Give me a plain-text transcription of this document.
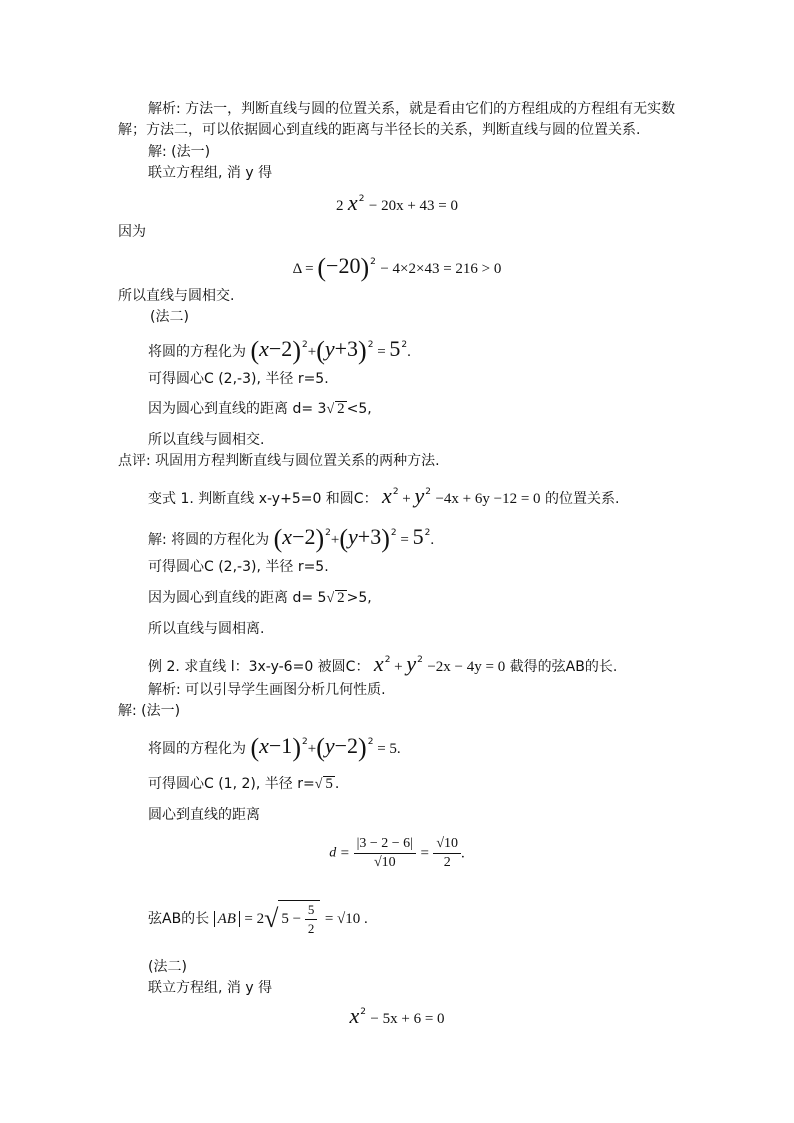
解析: 方法一，判断直线与圆的位置关系，就是看由它们的方程组成的方程组有无实数
解；方法二，可以依据圆心到直线的距离与半径长的关系，判断直线与圆的位置关系.
解: (法一)
联立方程组, 消 y 得
2 $x^2 - 20x + 43 = 0$
因为
$\Delta = (-20)^2 - 4\times 2\times 43 = 216 > 0$
所以直线与圆相交.
(法二)
将圆的方程化为 $(x-2)^2+(y+3)^2 = 5^2$.
可得圆心C (2,-3), 半径 r=5.
因为圆心到直线的距离 d= 3√ 2 <5,
所以直线与圆相交.
点评: 巩固用方程判断直线与圆位置关系的两种方法.
变式 1. 判断直线 x-y+5=0 和圆C： $x^2 + y^2 -4x + 6y -12 = 0$ 的位置关系.
解: 将圆的方程化为 $(x-2)^2+(y+3)^2 = 5^2$.
可得圆心C (2,-3), 半径 r=5.
因为圆心到直线的距离 d= 5√ 2 >5,
所以直线与圆相离.
例 2. 求直线 l：3x-y-6=0 被圆C： $x^2 + y^2 -2x - 4y = 0$ 截得的弦AB的长.
解析: 可以引导学生画图分析几何性质.
解: (法一)
将圆的方程化为 $(x-1)^2+(y-2)^2 = 5$.
可得圆心C (1, 2), 半径 r=√ 5 .
圆心到直线的距离
$d = \frac{|3 - 2 - 6|}{√10} = \frac{√10}{2}$ .
弦AB的长 AB = 2√ $5 - \frac{5}{2} = √10$ .
(法二)
联立方程组, 消 y 得
$x^2 - 5x + 6 = 0$
